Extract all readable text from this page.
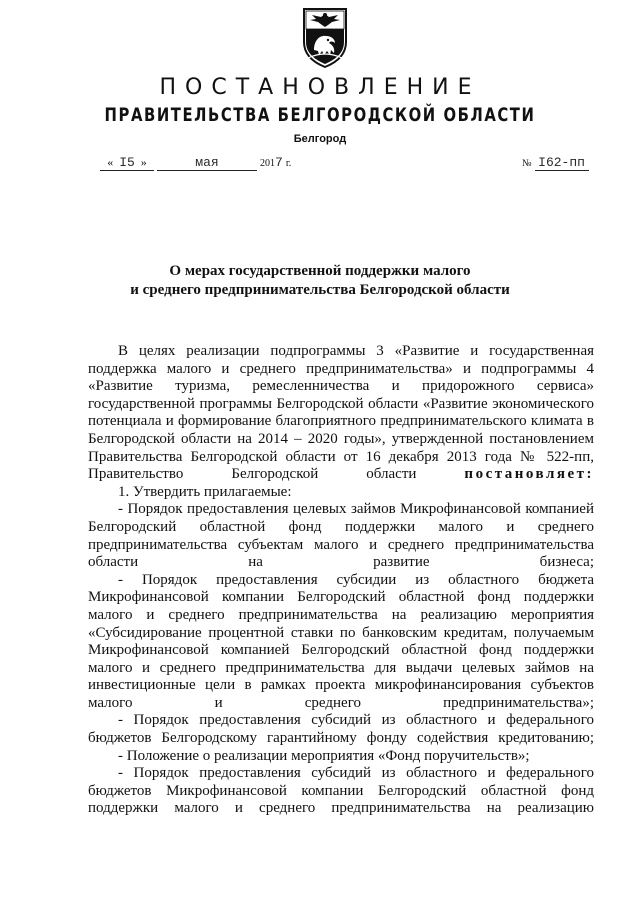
ПОСТАНОВЛЕНИЕ
ПРАВИТЕЛЬСТВА БЕЛГОРОДСКОЙ ОБЛАСТИ
Белгород
« I5 »	мая	2017 г.	№ I62-пп
О мерах государственной поддержки малого
и среднего предпринимательства Белгородской области

В целях реализации подпрограммы 3 «Развитие и государственная поддержка малого и среднего предпринимательства» и подпрограммы 4 «Развитие туризма, ремесленничества и придорожного сервиса» государственной программы Белгородской области «Развитие экономического потенциала и формирование благоприятного предпринимательского климата в Белгородской области на 2014 – 2020 годы», утвержденной постановлением Правительства Белгородской области от 16 декабря 2013 года № 522-пп, Правительство Белгородской области	постановляет:

1. Утвердить прилагаемые:

- Порядок предоставления целевых займов Микрофинансовой компанией Белгородский областной фонд поддержки малого и среднего предпринимательства субъектам малого и среднего предпринимательства области на развитие бизнеса;

- Порядок предоставления субсидии из областного бюджета Микрофинансовой компании Белгородский областной фонд поддержки малого и среднего предпринимательства на реализацию мероприятия «Субсидирование процентной ставки по банковским кредитам, получаемым Микрофинансовой компанией Белгородский областной фонд поддержки малого и среднего предпринимательства для выдачи целевых займов на инвестиционные цели в рамках проекта микрофинансирования субъектов малого и среднего предпринимательства»;

- Порядок предоставления субсидий из областного и федерального бюджетов Белгородскому гарантийному фонду содействия кредитованию;

- Положение о реализации мероприятия «Фонд поручительств»;

- Порядок предоставления субсидий из областного и федерального бюджетов Микрофинансовой компании Белгородский областной фонд поддержки малого и среднего предпринимательства на реализацию
